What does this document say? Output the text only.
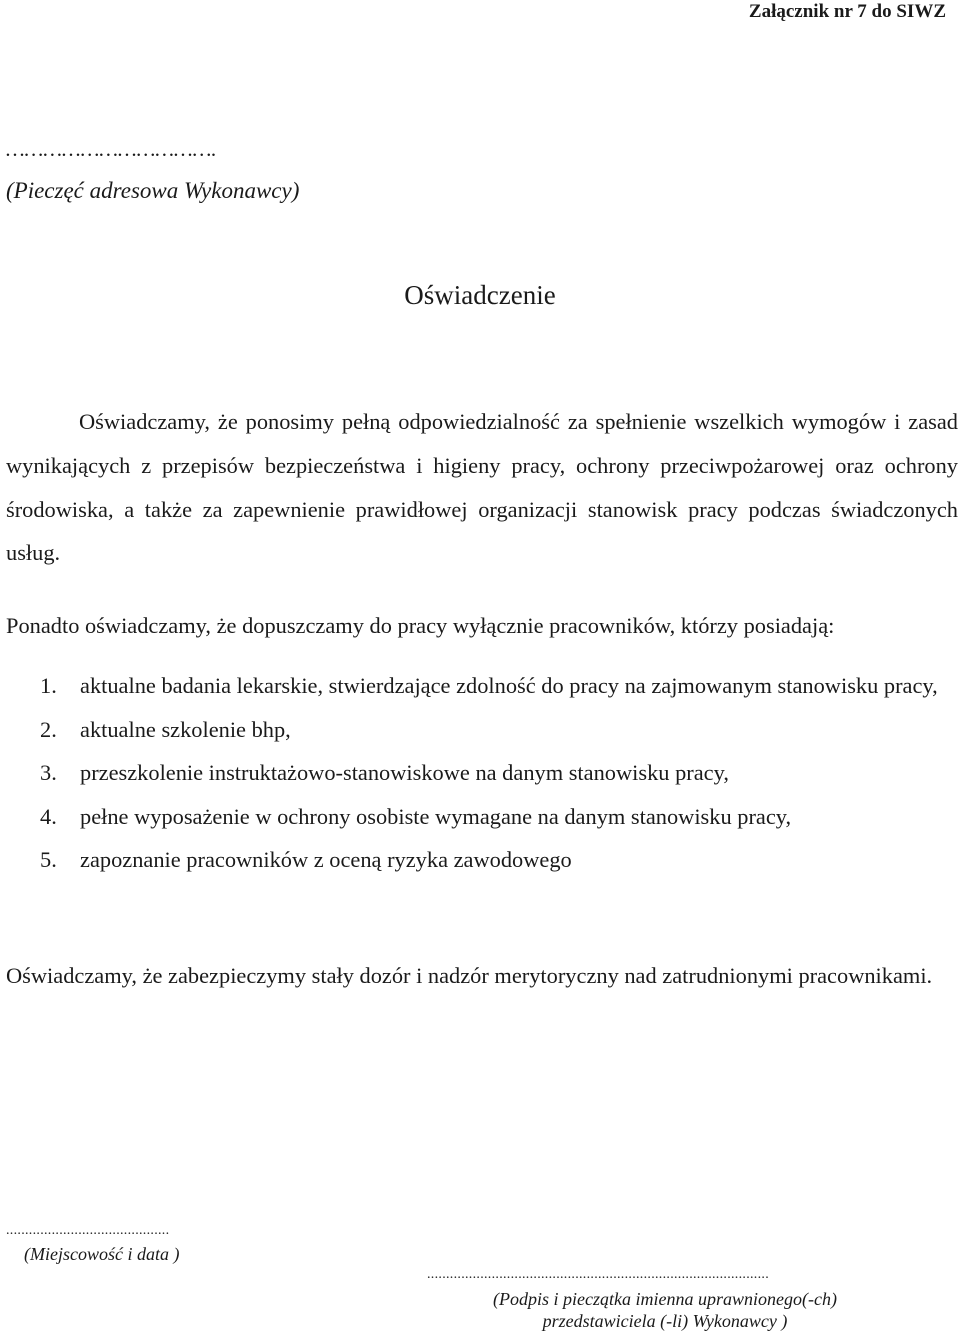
Załącznik nr 7 do SIWZ
…………………………….
(Pieczęć adresowa Wykonawcy)
Oświadczenie

Oświadczamy, że ponosimy pełną odpowiedzialność za spełnienie wszelkich wymogów i zasad wynikających z przepisów bezpieczeństwa i higieny pracy, ochrony przeciwpożarowej oraz ochrony środowiska, a także za zapewnienie prawidłowej organizacji stanowisk pracy podczas świadczonych usług.

Ponadto oświadczamy, że dopuszczamy do pracy wyłącznie pracowników, którzy posiadają:

1. aktualne badania lekarskie, stwierdzające zdolność do pracy na zajmowanym stanowisku pracy,
2. aktualne szkolenie bhp,
3. przeszkolenie instruktażowo-stanowiskowe na danym stanowisku pracy,
4. pełne wyposażenie w ochrony osobiste wymagane na danym stanowisku pracy,
5. zapoznanie pracowników z oceną ryzyka zawodowego

Oświadczamy, że zabezpieczymy stały dozór i nadzór merytoryczny nad zatrudnionymi pracownikami.

...........................................
(Miejscowość i data )
..........................................................................................
(Podpis i pieczątka imienna uprawnionego(-ch)
przedstawiciela (-li) Wykonawcy )
